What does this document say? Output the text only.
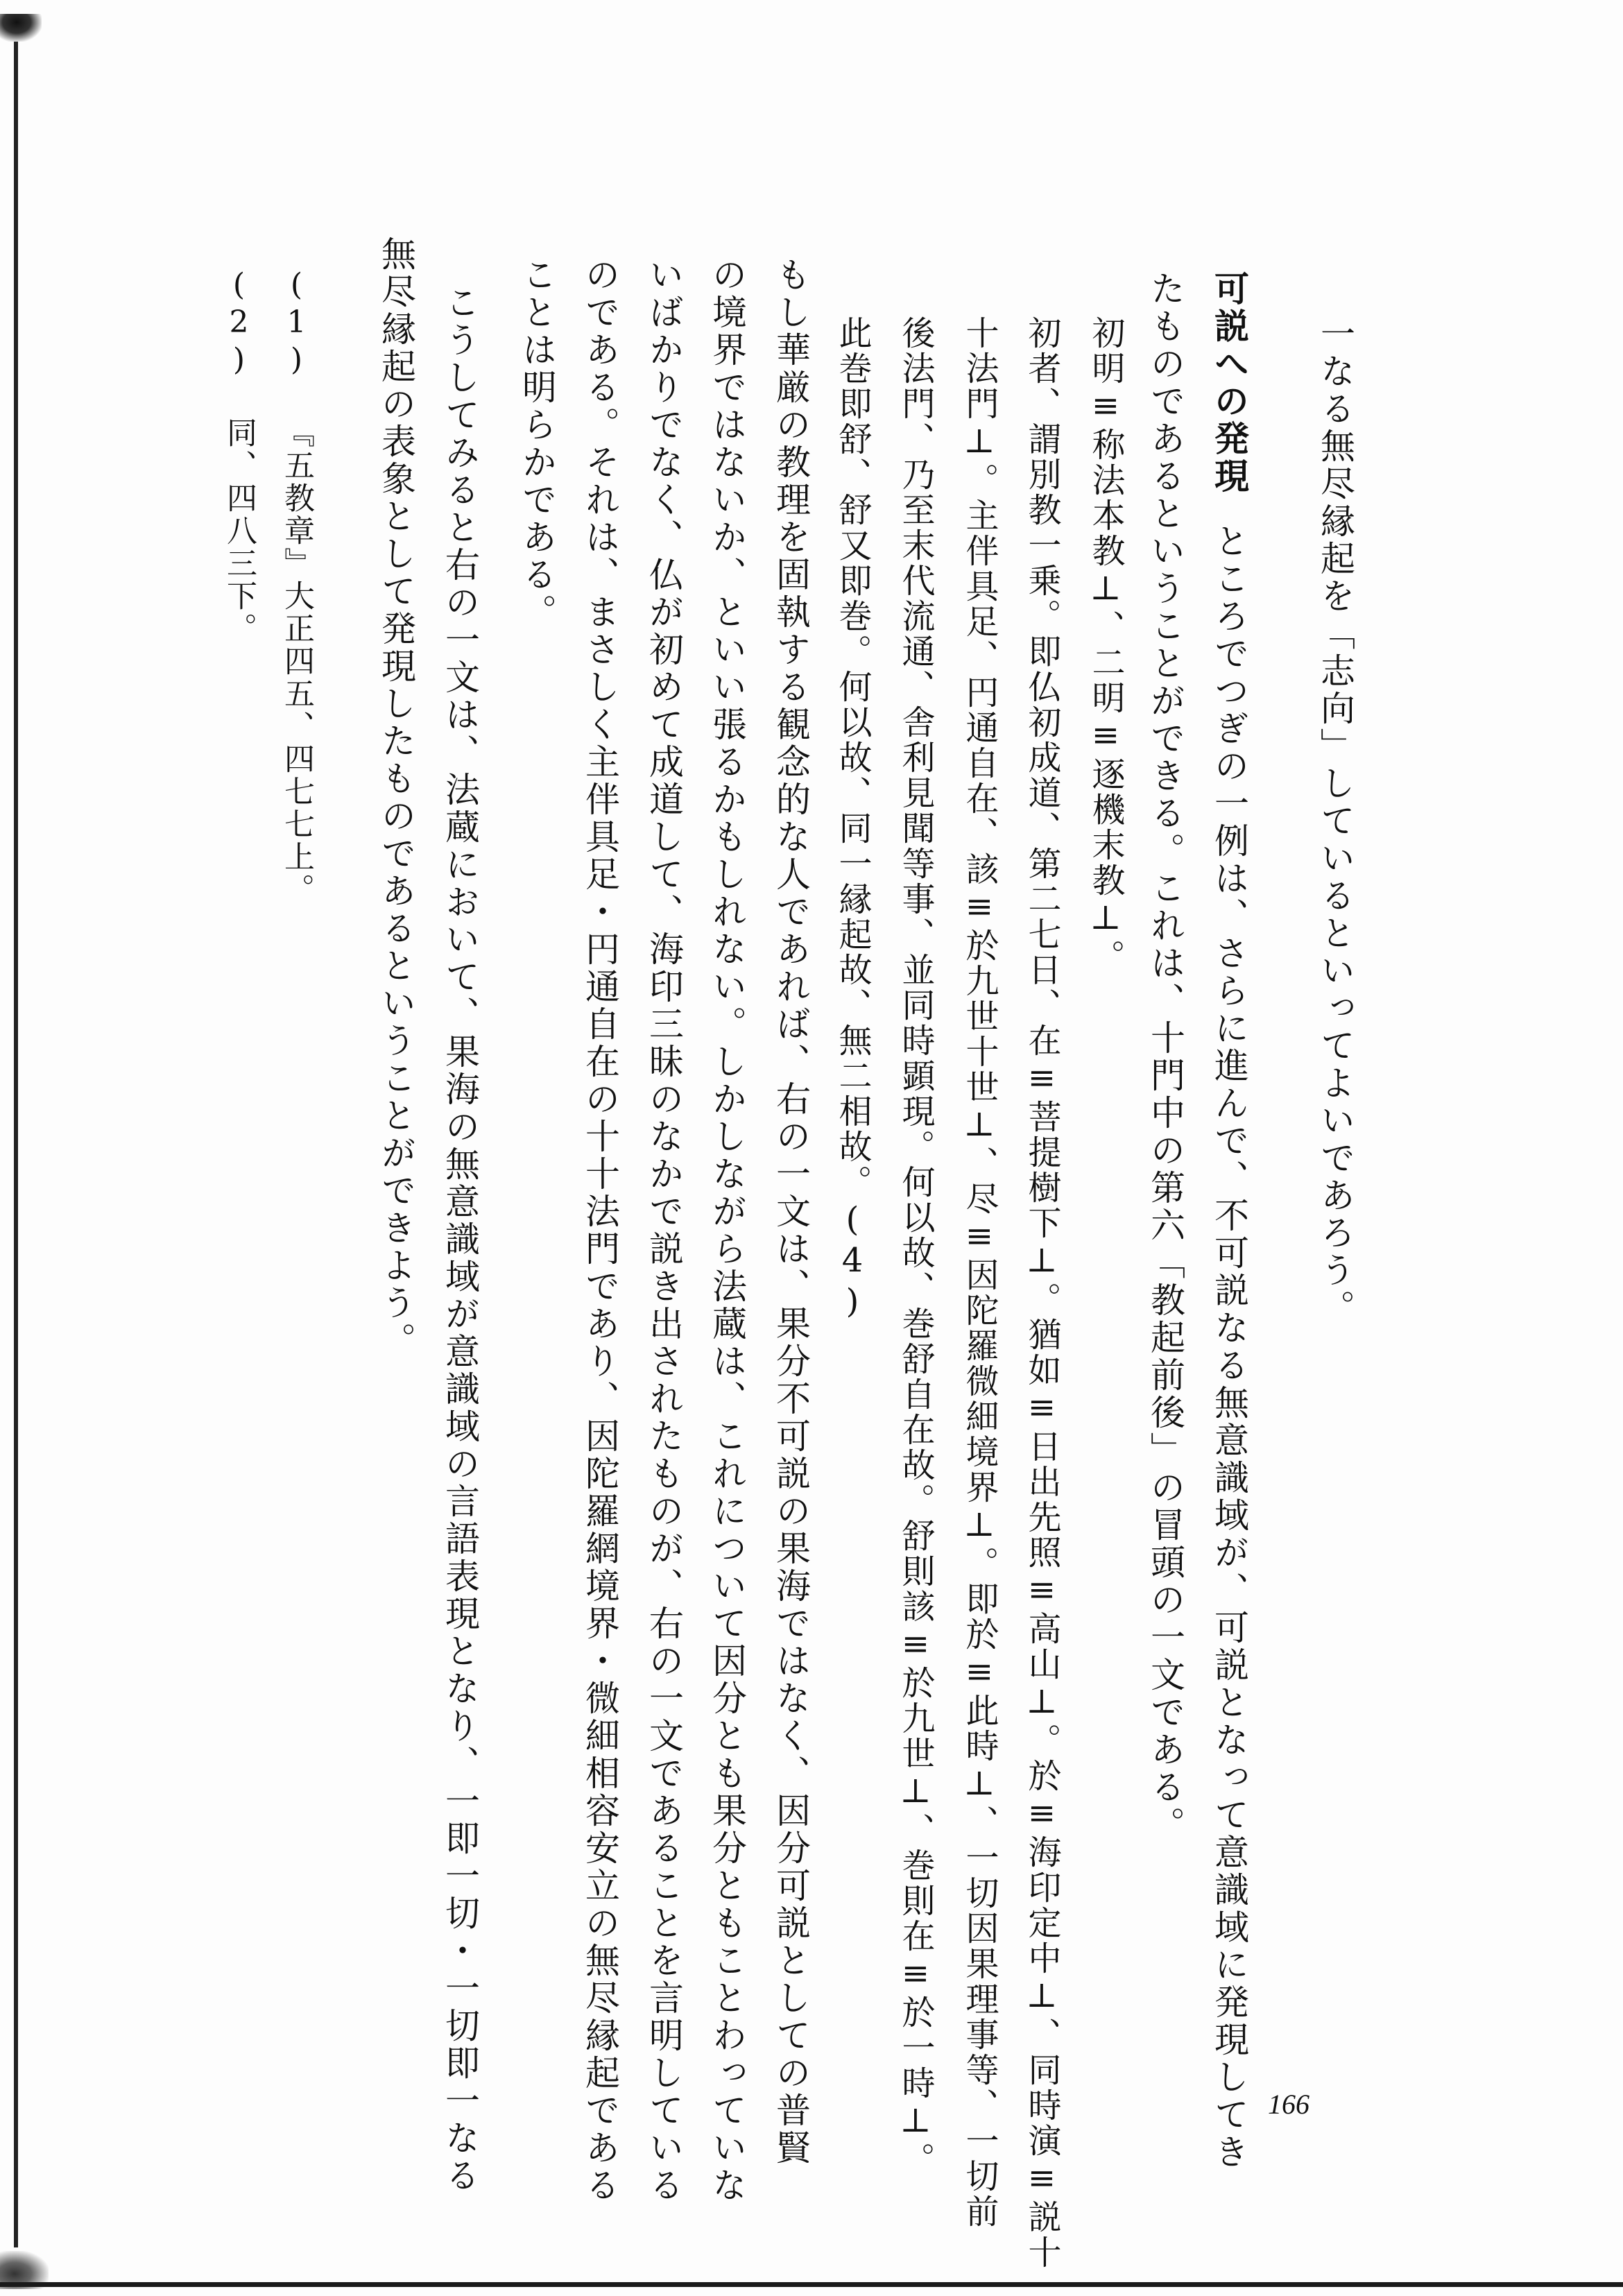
一なる無尽縁起を「志向」しているといってよいであろう。
可説への発現ところでつぎの一例は、さらに進んで、不可説なる無意識域が、可説となって意識域に発現してき
たものであるということができる。これは、十門中の第六「教起前後」の冒頭の一文である。
初明≡称法本教⊥、二明≡逐機末教⊥。
初者、謂別教一乗。即仏初成道、第二七日、在≡菩提樹下⊥。猶如≡日出先照≡高山⊥。於≡海印定中⊥、同時演≡説十
十法門⊥。主伴具足、円通自在、該≡於九世十世⊥、尽≡因陀羅微細境界⊥。即於≡此時⊥、一切因果理事等、一切前
後法門、乃至末代流通、舎利見聞等事、並同時顕現。何以故、巻舒自在故。舒則該≡於九世⊥、巻則在≡於一時⊥。
此巻即舒、舒又即巻。何以故、同一縁起故、無二相故。(4)
もし華厳の教理を固執する観念的な人であれば、右の一文は、果分不可説の果海ではなく、因分可説としての普賢
の境界ではないか、といい張るかもしれない。しかしながら法蔵は、これについて因分とも果分ともことわっていな
いばかりでなく、仏が初めて成道して、海印三昧のなかで説き出されたものが、右の一文であることを言明している
のである。それは、まさしく主伴具足・円通自在の十十法門であり、因陀羅網境界・微細相容安立の無尽縁起である
ことは明らかである。
こうしてみると右の一文は、法蔵において、果海の無意識域が意識域の言語表現となり、一即一切・一切即一なる
無尽縁起の表象として発現したものであるということができよう。
(1) 『五教章』大正四五、四七七上。
(2) 同、四八三下。
166
